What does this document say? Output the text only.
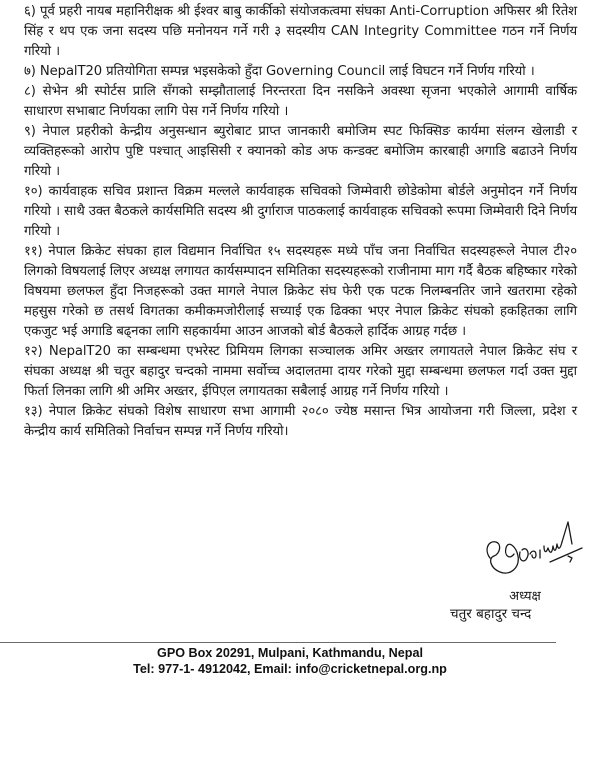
६) पूर्व प्रहरी नायब महानिरीक्षक श्री ईश्वर बाबु कार्कीको संयोजकत्वमा संघका Anti-Corruption अफिसर श्री रितेश सिंह र थप एक जना सदस्य पछि मनोनयन गर्ने गरी ३ सदस्यीय CAN Integrity Committee गठन गर्ने निर्णय गरियो ।

७) NepalT20 प्रतियोगिता सम्पन्न भइसकेको हुँदा Governing Council लाई विघटन गर्ने निर्णय गरियो ।

८) सेभेन श्री स्पोर्टस प्रालि सँगको सम्झौतालाई निरन्तरता दिन नसकिने अवस्था सृजना भएकोले आगामी वार्षिक साधारण सभाबाट निर्णयका लागि पेस गर्ने निर्णय गरियो ।

९) नेपाल प्रहरीको केन्द्रीय अनुसन्धान ब्युरोबाट प्राप्त जानकारी बमोजिम स्पट फिक्सिङ कार्यमा संलग्न खेलाडी र व्यक्तिहरूको आरोप पुष्टि पश्चात् आइसिसी र क्यानको कोड अफ कन्डक्ट बमोजिम कारबाही अगाडि बढाउने निर्णय गरियो ।

१०) कार्यवाहक सचिव प्रशान्त विक्रम मल्लले कार्यवाहक सचिवको जिम्मेवारी छोडेकोमा बोर्डले अनुमोदन गर्ने निर्णय गरियो । साथै उक्त बैठकले कार्यसमिति सदस्य श्री दुर्गाराज पाठकलाई कार्यवाहक सचिवको रूपमा जिम्मेवारी दिने निर्णय गरियो ।

११) नेपाल क्रिकेट संघका हाल विद्यमान निर्वाचित १५ सदस्यहरू मध्ये पाँच जना निर्वाचित सदस्यहरूले नेपाल टी२० लिगको विषयलाई लिएर अध्यक्ष लगायत कार्यसम्पादन समितिका सदस्यहरूको राजीनामा माग गर्दै बैठक बहिष्कार गरेको विषयमा छलफल हुँदा निजहरूको उक्त मागले नेपाल क्रिकेट संघ फेरी एक पटक निलम्बनतिर जाने खतरामा रहेको महसुस गरेको छ तसर्थ विगतका कमीकमजोरीलाई सच्याई एक ढिक्का भएर नेपाल क्रिकेट संघको हकहितका लागि एकजुट भई अगाडि बढ्नका लागि सहकार्यमा आउन आजको बोर्ड बैठकले हार्दिक आग्रह गर्दछ ।

१२) NepalT20 का सम्बन्धमा एभरेस्ट प्रिमियम लिगका सञ्चालक अमिर अख्तर लगायतले नेपाल क्रिकेट संघ र संघका अध्यक्ष श्री चतुर बहादुर चन्दको नाममा सर्वोच्च अदालतमा दायर गरेको मुद्दा सम्बन्धमा छलफल गर्दा उक्त मुद्दा फिर्ता लिनका लागि श्री अमिर अख्तर, ईपिएल लगायतका सबैलाई आग्रह गर्ने निर्णय गरियो ।

१३) नेपाल क्रिकेट संघको विशेष साधारण सभा आगामी २०८० ज्येष्ठ मसान्त भित्र आयोजना गरी जिल्ला, प्रदेश र केन्द्रीय कार्य समितिको निर्वाचन सम्पन्न गर्ने निर्णय गरियो।

अध्यक्ष
चतुर बहादुर चन्द
GPO Box 20291, Mulpani, Kathmandu, Nepal
Tel: 977-1- 4912042, Email: info@cricketnepal.org.np
